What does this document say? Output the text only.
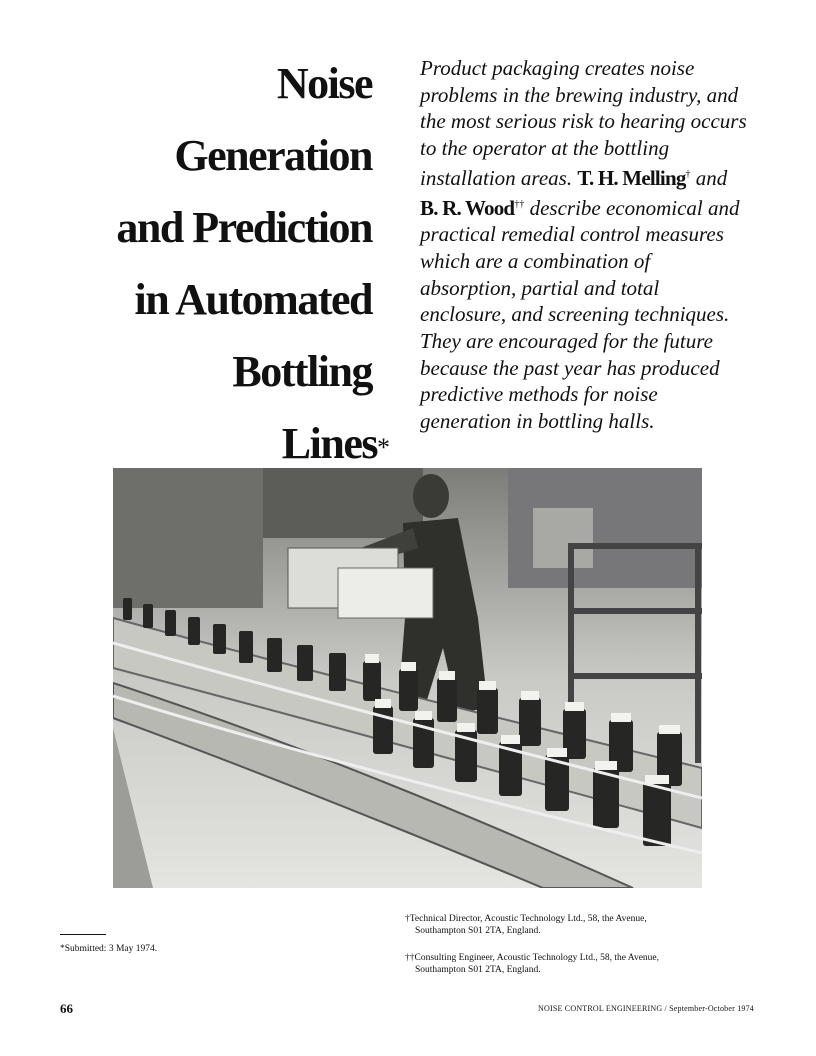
Noise
Generation
and Prediction
in Automated
Bottling
Lines*
Product packaging creates noise problems in the brewing industry, and the most serious risk to hearing occurs to the operator at the bottling installation areas. T. H. Melling† and B. R. Wood†† describe economical and practical remedial control measures which are a combination of absorption, partial and total enclosure, and screening techniques. They are encouraged for the future because the past year has produced predictive methods for noise generation in bottling halls.
*Submitted: 3 May 1974.
†Technical Director, Acoustic Technology Ltd., 58, the Avenue,
Southampton S01 2TA, England.
††Consulting Engineer, Acoustic Technology Ltd., 58, the Avenue,
Southampton S01 2TA, England.
66	NOISE CONTROL ENGINEERING / September-October 1974
